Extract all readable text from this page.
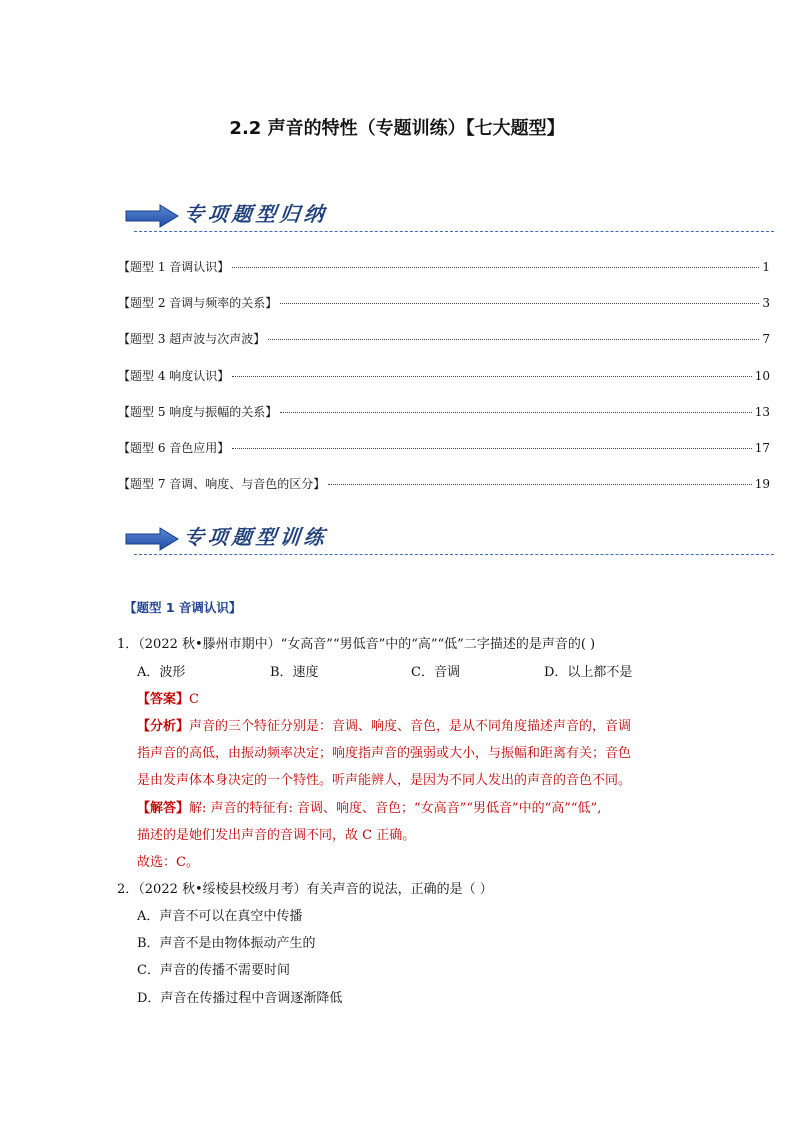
2.2 声音的特性（专题训练）【七大题型】
专项题型归纳
【题型 1 音调认识】	1
【题型 2 音调与频率的关系】	3
【题型 3 超声波与次声波】	7
【题型 4 响度认识】	10
【题型 5 响度与振幅的关系】	13
【题型 6 音色应用】	17
【题型 7 音调、响度、与音色的区分】	19
专项题型训练
【题型 1 音调认识】
1．（2022 秋•滕州市期中）“女高音”“男低音”中的“高”“低”二字描述的是声音的( )
A．波形	B．速度	C．音调	D．以上都不是
【答案】C
【分析】声音的三个特征分别是：音调、响度、音色，是从不同角度描述声音的，音调
指声音的高低，由振动频率决定；响度指声音的强弱或大小，与振幅和距离有关；音色
是由发声体本身决定的一个特性。听声能辨人，是因为不同人发出的声音的音色不同。
【解答】解: 声音的特征有: 音调、响度、音色；“女高音”“男低音”中的“高”“低”,
描述的是她们发出声音的音调不同，故 C 正确。
故选：C。
2．（2022 秋•绥棱县校级月考）有关声音的说法，正确的是（ ）
A．声音不可以在真空中传播
B．声音不是由物体振动产生的
C．声音的传播不需要时间
D．声音在传播过程中音调逐渐降低
